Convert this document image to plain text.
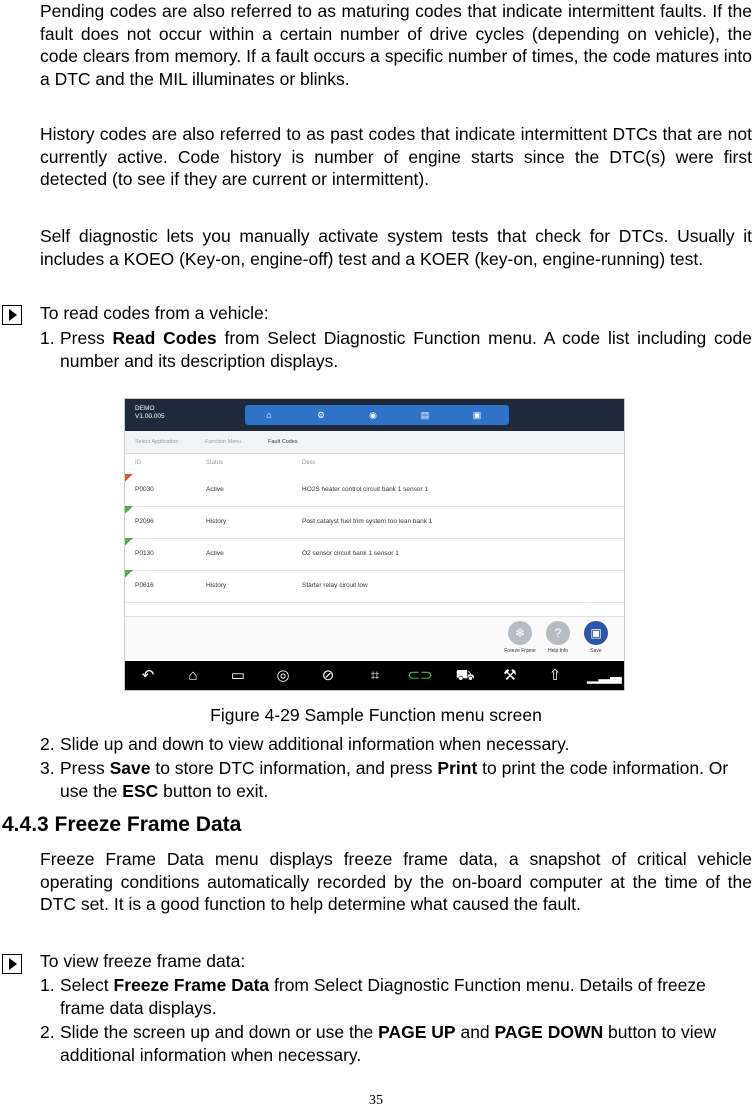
Pending codes are also referred to as maturing codes that indicate intermittent faults. If the fault does not occur within a certain number of drive cycles (depending on vehicle), the code clears from memory. If a fault occurs a specific number of times, the code matures into a DTC and the MIL illuminates or blinks.
History codes are also referred to as past codes that indicate intermittent DTCs that are not currently active. Code history is number of engine starts since the DTC(s) were first detected (to see if they are current or intermittent).
Self diagnostic lets you manually activate system tests that check for DTCs. Usually it includes a KOEO (Key-on, engine-off) test and a KOER (key-on, engine-running) test.
To read codes from a vehicle:
1. Press Read Codes from Select Diagnostic Function menu. A code list including code number and its description displays.
DEMO
V1.00.005	⌂	⚙	◉	▤	▣
Select Application	Function Menu	Fault Codes
ID	Status	Desc
P0030	Active	HO2S heater control circuit bank 1 sensor 1
P2096	History	Post catalyst fuel trim system too lean bank 1
P0130	Active	O2 sensor circuit bank 1 sensor 1
P0616	History	Starter relay circuit low
❄
Freeze Frame
?
Help Info
▣
Save
↶	⌂	▭	◎	⊘	⌗	⊂⊃ ⛟	⚒	⇧	▁▂▃
Figure 4-29 Sample Function menu screen
2. Slide up and down to view additional information when necessary.
3. Press Save to store DTC information, and press Print to print the code information. Or use the ESC button to exit.
4.4.3 Freeze Frame Data
Freeze Frame Data menu displays freeze frame data, a snapshot of critical vehicle operating conditions automatically recorded by the on-board computer at the time of the DTC set. It is a good function to help determine what caused the fault.
To view freeze frame data:
1. Select Freeze Frame Data from Select Diagnostic Function menu. Details of freeze frame data displays.
2. Slide the screen up and down or use the PAGE UP and PAGE DOWN button to view additional information when necessary.
35
